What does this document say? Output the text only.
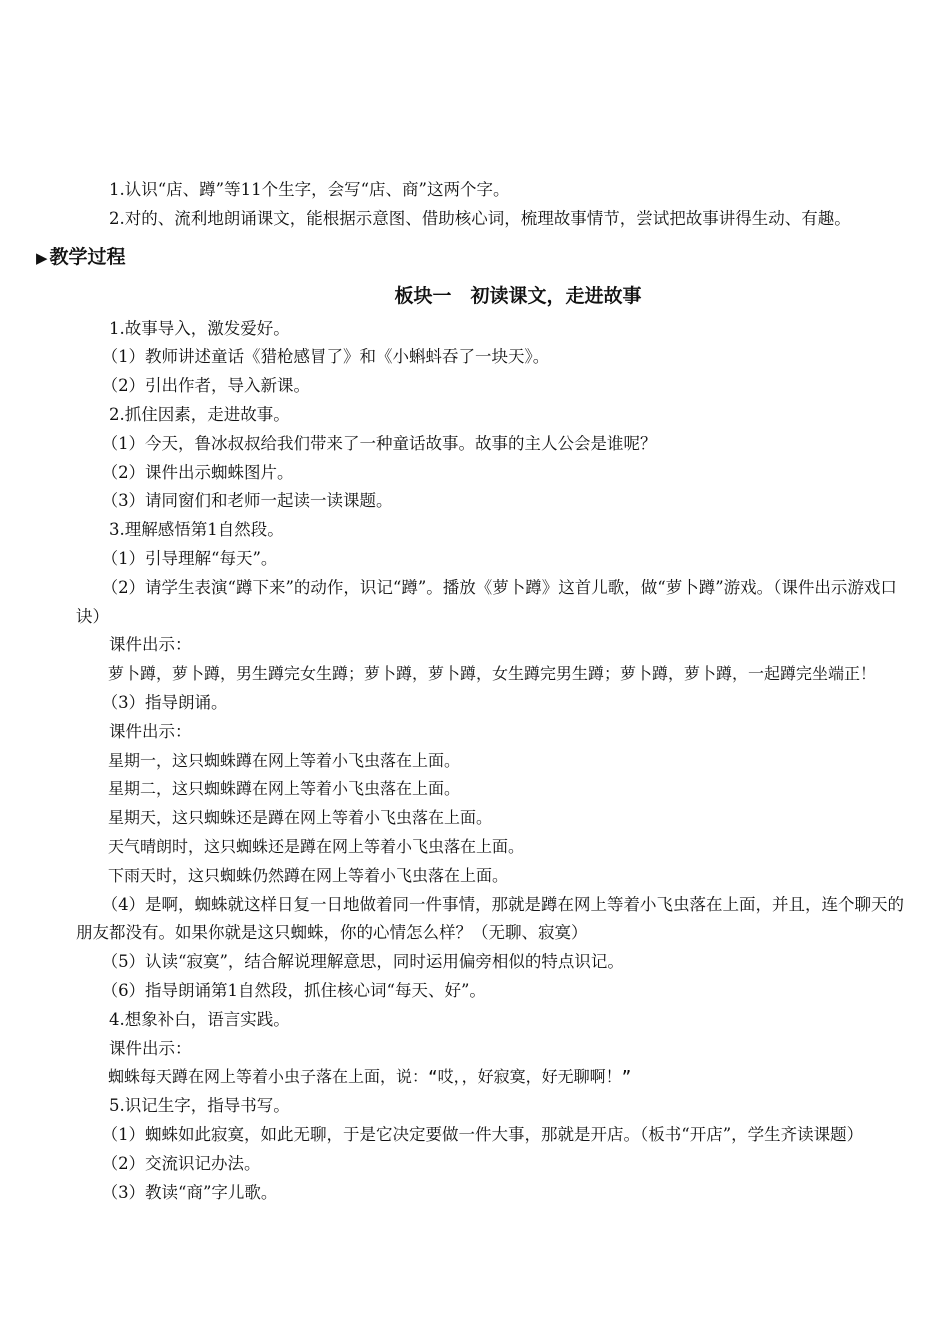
1.认识“店、蹲”等11个生字，会写“店、商”这两个字。

2.对的、流利地朗诵课文，能根据示意图、借助核心词，梳理故事情节，尝试把故事讲得生动、有趣。

▶ 教学过程
板块一　初读课文，走进故事

1.故事导入，激发爱好。

（1）教师讲述童话《猎枪感冒了》和《小蝌蚪吞了一块天》。

（2）引出作者，导入新课。

2.抓住因素，走进故事。

（1）今天，鲁冰叔叔给我们带来了一种童话故事。故事的主人公会是谁呢？

（2）课件出示蜘蛛图片。

（3）请同窗们和老师一起读一读课题。

3.理解感悟第1自然段。

（1）引导理解“每天”。

（2）请学生表演“蹲下来”的动作，识记“蹲”。播放《萝卜蹲》这首儿歌，做“萝卜蹲”游戏。（课件出示游戏口诀）

课件出示：

萝卜蹲，萝卜蹲，男生蹲完女生蹲；萝卜蹲，萝卜蹲，女生蹲完男生蹲；萝卜蹲，萝卜蹲，一起蹲完坐端正！

（3）指导朗诵。

课件出示：

星期一，这只蜘蛛蹲在网上等着小飞虫落在上面。

星期二，这只蜘蛛蹲在网上等着小飞虫落在上面。

星期天，这只蜘蛛还是蹲在网上等着小飞虫落在上面。

天气晴朗时，这只蜘蛛还是蹲在网上等着小飞虫落在上面。

下雨天时，这只蜘蛛仍然蹲在网上等着小飞虫落在上面。

（4）是啊，蜘蛛就这样日复一日地做着同一件事情，那就是蹲在网上等着小飞虫落在上面，并且，连个聊天的朋友都没有。如果你就是这只蜘蛛，你的心情怎么样？（无聊、寂寞）

（5）认读“寂寞”，结合解说理解意思，同时运用偏旁相似的特点识记。

（6）指导朗诵第1自然段，抓住核心词“每天、好”。

4.想象补白，语言实践。

课件出示：

蜘蛛每天蹲在网上等着小虫子落在上面，说：“哎，，好寂寞，好无聊啊！”

5.识记生字，指导书写。

（1）蜘蛛如此寂寞，如此无聊，于是它决定要做一件大事，那就是开店。（板书“开店”，学生齐读课题）

（2）交流识记办法。

（3）教读“商”字儿歌。
